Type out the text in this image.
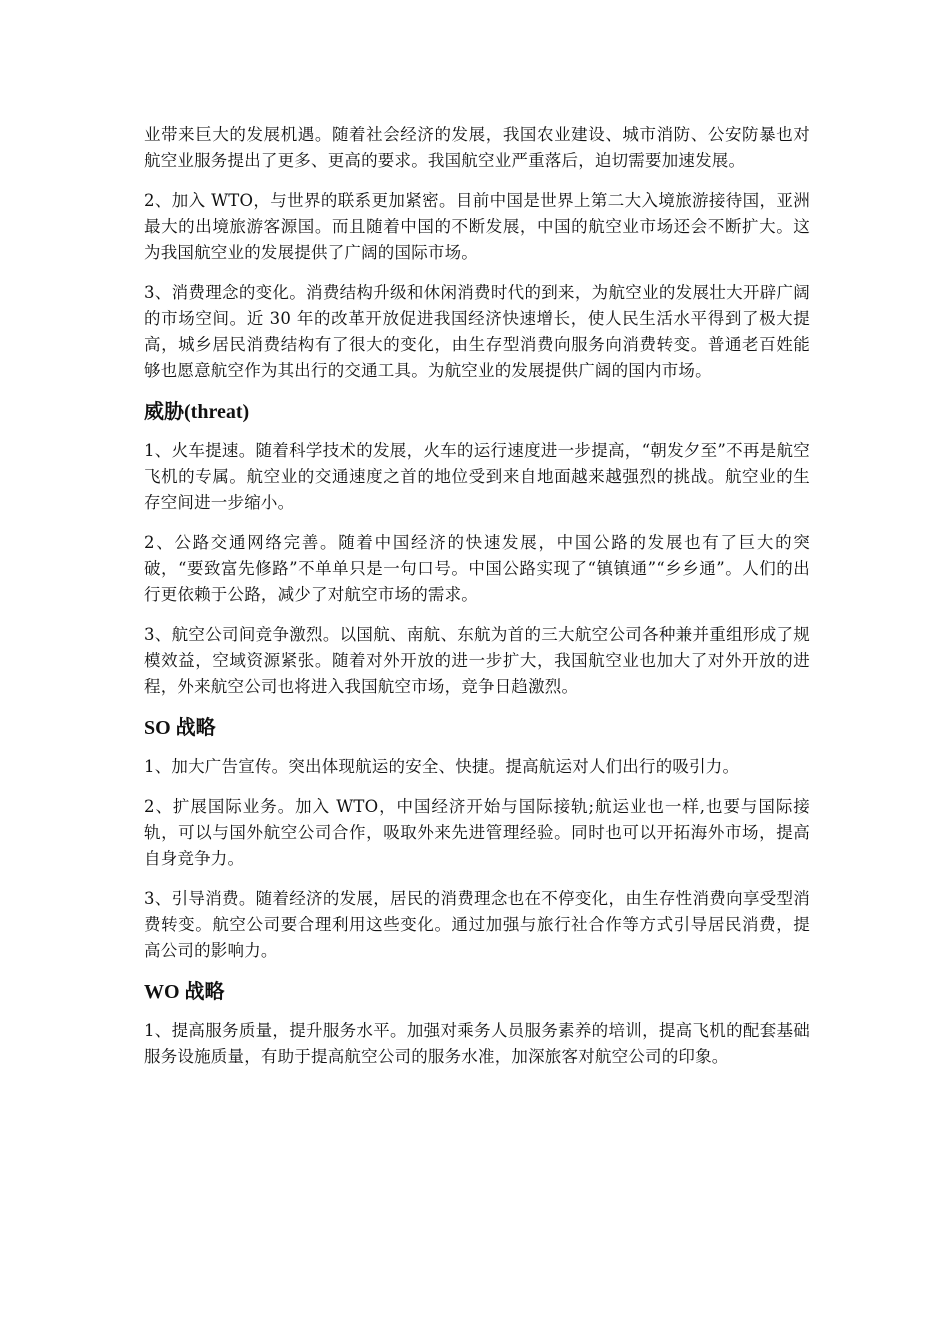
业带来巨大的发展机遇。随着社会经济的发展，我国农业建设、城市消防、公安防暴也对航空业服务提出了更多、更高的要求。我国航空业严重落后，迫切需要加速发展。

2、加入 WTO，与世界的联系更加紧密。目前中国是世界上第二大入境旅游接待国，亚洲最大的出境旅游客源国。而且随着中国的不断发展，中国的航空业市场还会不断扩大。这为我国航空业的发展提供了广阔的国际市场。

3、消费理念的变化。消费结构升级和休闲消费时代的到来，为航空业的发展壮大开辟广阔的市场空间。近 30 年的改革开放促进我国经济快速增长，使人民生活水平得到了极大提高，城乡居民消费结构有了很大的变化，由生存型消费向服务向消费转变。普通老百姓能够也愿意航空作为其出行的交通工具。为航空业的发展提供广阔的国内市场。

威胁(threat)

1、火车提速。随着科学技术的发展，火车的运行速度进一步提高，“朝发夕至”不再是航空飞机的专属。航空业的交通速度之首的地位受到来自地面越来越强烈的挑战。航空业的生存空间进一步缩小。

2、公路交通网络完善。随着中国经济的快速发展，中国公路的发展也有了巨大的突破，“要致富先修路”不单单只是一句口号。中国公路实现了“镇镇通”“乡乡通”。人们的出行更依赖于公路，减少了对航空市场的需求。

3、航空公司间竞争激烈。以国航、南航、东航为首的三大航空公司各种兼并重组形成了规模效益，空域资源紧张。随着对外开放的进一步扩大，我国航空业也加大了对外开放的进程，外来航空公司也将进入我国航空市场，竞争日趋激烈。

SO 战略

1、加大广告宣传。突出体现航运的安全、快捷。提高航运对人们出行的吸引力。

2、扩展国际业务。加入 WTO，中国经济开始与国际接轨;航运业也一样,也要与国际接轨，可以与国外航空公司合作，吸取外来先进管理经验。同时也可以开拓海外市场，提高自身竞争力。

3、引导消费。随着经济的发展，居民的消费理念也在不停变化，由生存性消费向享受型消费转变。航空公司要合理利用这些变化。通过加强与旅行社合作等方式引导居民消费，提高公司的影响力。

WO 战略

1、提高服务质量，提升服务水平。加强对乘务人员服务素养的培训，提高飞机的配套基础服务设施质量，有助于提高航空公司的服务水准，加深旅客对航空公司的印象。
